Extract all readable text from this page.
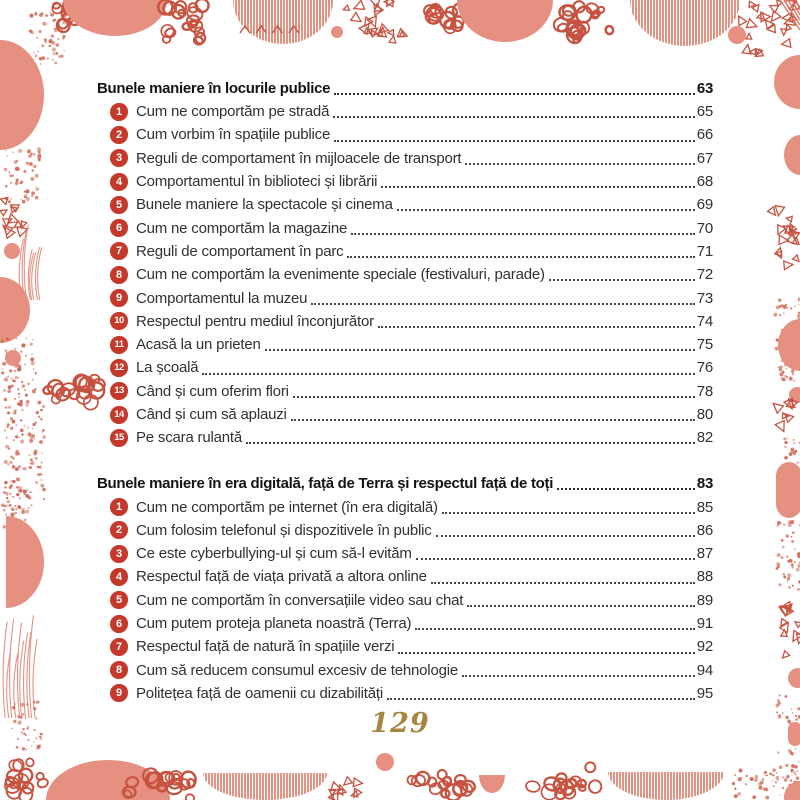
Bunele maniere în locurile publice	63
1 Cum ne comportăm pe stradă	65
2 Cum vorbim în spațiile publice	66
3 Reguli de comportament în mijloacele de transport	67
4 Comportamentul în biblioteci și librării	68
5 Bunele maniere la spectacole și cinema	69
6 Cum ne comportăm la magazine	70
7 Reguli de comportament în parc	71
8 Cum ne comportăm la evenimente speciale (festivaluri, parade)	72
9 Comportamentul la muzeu	73
10 Respectul pentru mediul înconjurător	74
11 Acasă la un prieten	75
12 La școală	76
13 Când și cum oferim flori	78
14 Când și cum să aplauzi	80
15 Pe scara rulantă	82
Bunele maniere în era digitală, față de Terra și respectul față de toți	83
1 Cum ne comportăm pe internet (în era digitală)	85
2 Cum folosim telefonul și dispozitivele în public	86
3 Ce este cyberbullying-ul și cum să-l evităm	87
4 Respectul față de viața privată a altora online	88
5 Cum ne comportăm în conversațiile video sau chat	89
6 Cum putem proteja planeta noastră (Terra)	91
7 Respectul față de natură în spațiile verzi	92
8 Cum să reducem consumul excesiv de tehnologie	94
9 Politețea față de oamenii cu dizabilități	95
129
